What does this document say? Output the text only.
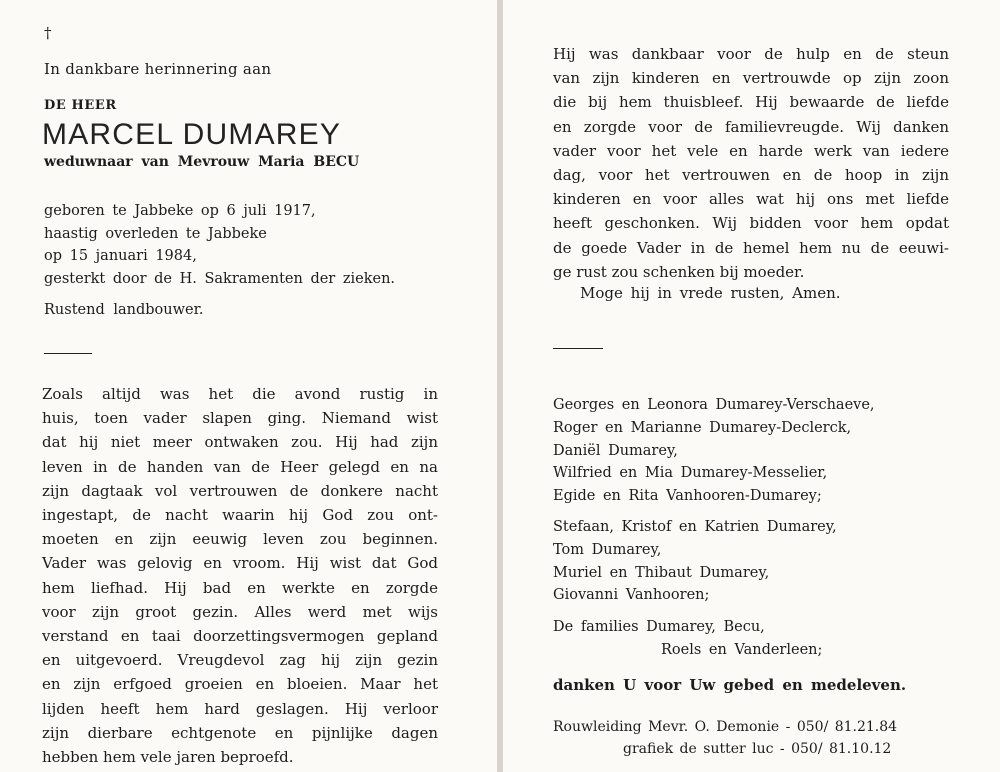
†
In dankbare herinnering aan
DE HEER
MARCEL DUMAREY
weduwnaar van Mevrouw Maria BECU
geboren te Jabbeke op 6 juli 1917,
haastig overleden te Jabbeke
op 15 januari 1984,
gesterkt door de H. Sakramenten der zieken.
Rustend landbouwer.
Zoals altijd was het die avond rustig in
huis, toen vader slapen ging. Niemand wist
dat hij niet meer ontwaken zou. Hij had zijn
leven in de handen van de Heer gelegd en na
zijn dagtaak vol vertrouwen de donkere nacht
ingestapt, de nacht waarin hij God zou ont-
moeten en zijn eeuwig leven zou beginnen.
Vader was gelovig en vroom. Hij wist dat God
hem liefhad. Hij bad en werkte en zorgde
voor zijn groot gezin. Alles werd met wijs
verstand en taai doorzettingsvermogen gepland
en uitgevoerd. Vreugdevol zag hij zijn gezin
en zijn erfgoed groeien en bloeien. Maar het
lijden heeft hem hard geslagen. Hij verloor
zijn dierbare echtgenote en pijnlijke dagen
hebben hem vele jaren beproefd.
Hij was dankbaar voor de hulp en de steun
van zijn kinderen en vertrouwde op zijn zoon
die bij hem thuisbleef. Hij bewaarde de liefde
en zorgde voor de familievreugde. Wij danken
vader voor het vele en harde werk van iedere
dag, voor het vertrouwen en de hoop in zijn
kinderen en voor alles wat hij ons met liefde
heeft geschonken. Wij bidden voor hem opdat
de goede Vader in de hemel hem nu de eeuwi-
ge rust zou schenken bij moeder.
Moge hij in vrede rusten, Amen.
Georges en Leonora Dumarey-Verschaeve,
Roger en Marianne Dumarey-Declerck,
Daniël Dumarey,
Wilfried en Mia Dumarey-Messelier,
Egide en Rita Vanhooren-Dumarey;
Stefaan, Kristof en Katrien Dumarey,
Tom Dumarey,
Muriel en Thibaut Dumarey,
Giovanni Vanhooren;
De families Dumarey, Becu,
Roels en Vanderleen;
danken U voor Uw gebed en medeleven.
Rouwleiding Mevr. O. Demonie - 050/ 81.21.84
grafiek de sutter luc - 050/ 81.10.12
